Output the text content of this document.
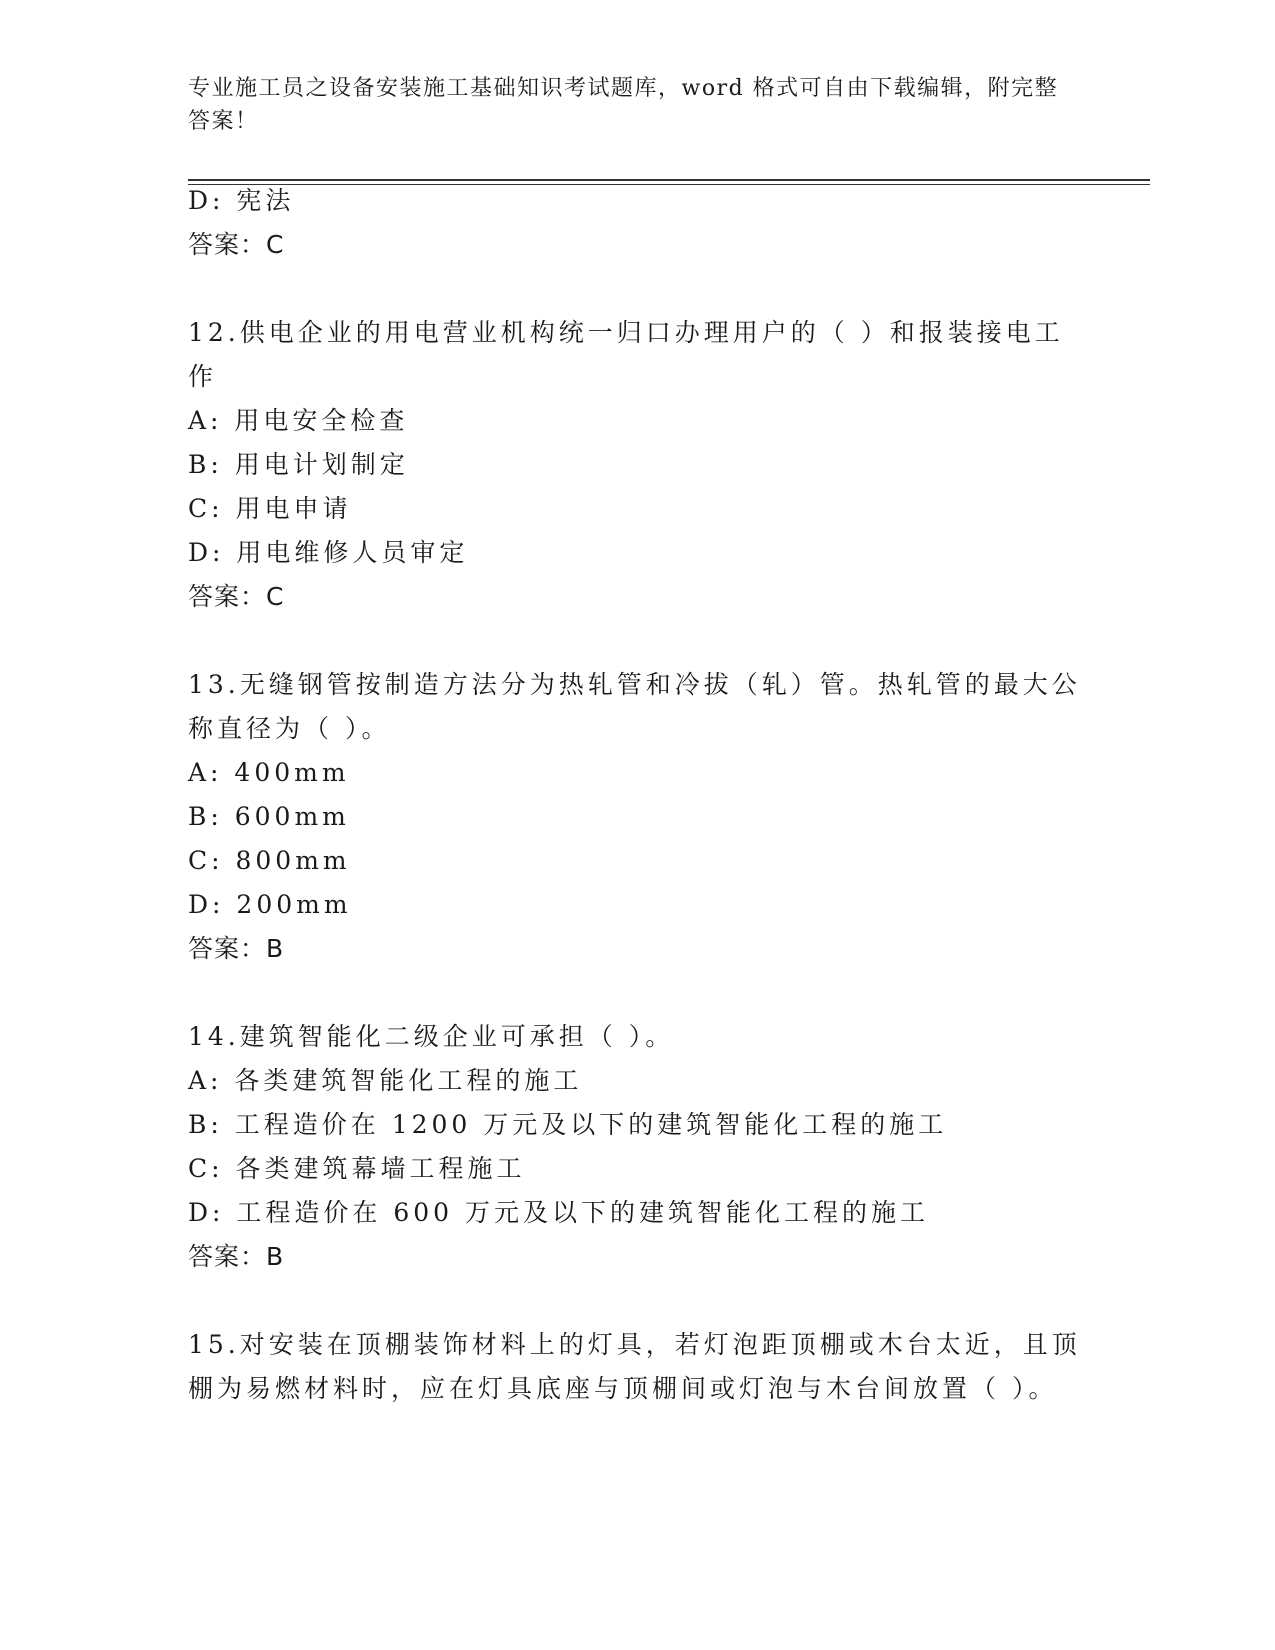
专业施工员之设备安装施工基础知识考试题库，word 格式可自由下载编辑，附完整答案！
D: 宪法
答案：C
12.供电企业的用电营业机构统一归口办理用户的（ ）和报装接电工
作
A: 用电安全检查
B: 用电计划制定
C: 用电申请
D: 用电维修人员审定
答案：C
13.无缝钢管按制造方法分为热轧管和冷拔（轧）管。热轧管的最大公
称直径为（ ）。
A: 400mm
B: 600mm
C: 800mm
D: 200mm
答案：B
14.建筑智能化二级企业可承担（ ）。
A: 各类建筑智能化工程的施工
B: 工程造价在 1200 万元及以下的建筑智能化工程的施工
C: 各类建筑幕墙工程施工
D: 工程造价在 600 万元及以下的建筑智能化工程的施工
答案：B
15.对安装在顶棚装饰材料上的灯具，若灯泡距顶棚或木台太近，且顶
棚为易燃材料时，应在灯具底座与顶棚间或灯泡与木台间放置（ ）。
